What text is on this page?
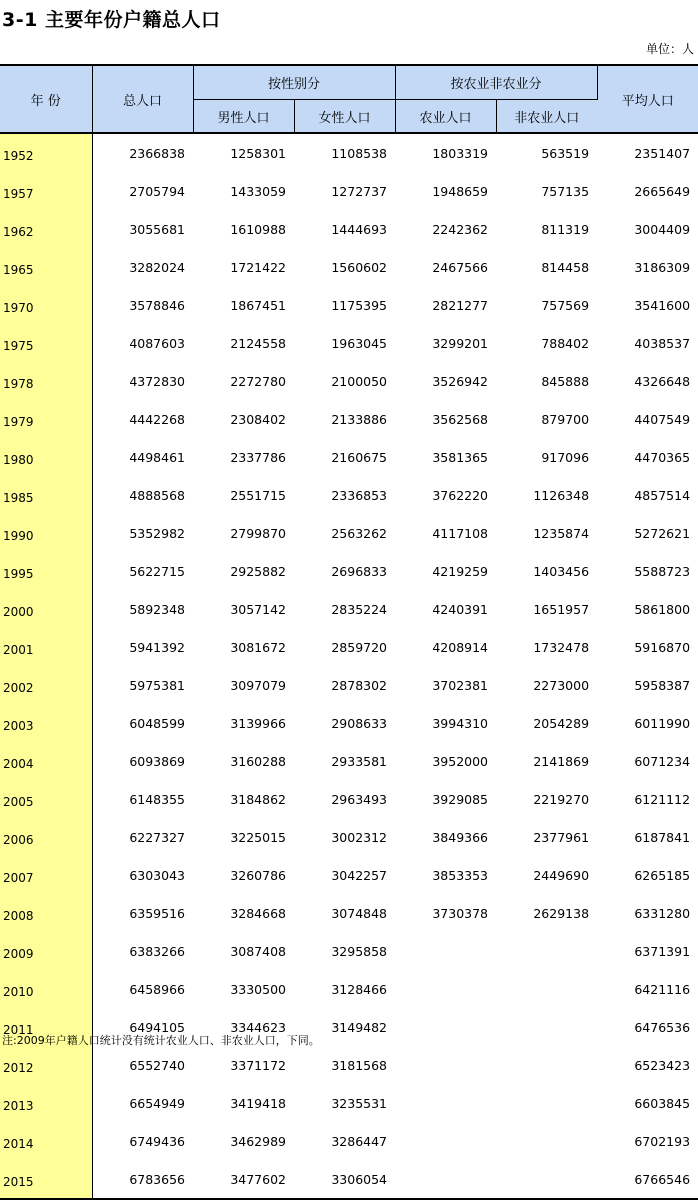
3-1 主要年份户籍总人口
单位：人
年 份	总人口	按性别分		按农业非农业分		平均人口
		男性人口	女性人口	农业人口	非农业人口	
1952	2366838	1258301	1108538	1803319	563519	2351407
1957	2705794	1433059	1272737	1948659	757135	2665649
1962	3055681	1610988	1444693	2242362	811319	3004409
1965	3282024	1721422	1560602	2467566	814458	3186309
1970	3578846	1867451	1175395	2821277	757569	3541600
1975	4087603	2124558	1963045	3299201	788402	4038537
1978	4372830	2272780	2100050	3526942	845888	4326648
1979	4442268	2308402	2133886	3562568	879700	4407549
1980	4498461	2337786	2160675	3581365	917096	4470365
1985	4888568	2551715	2336853	3762220	1126348	4857514
1990	5352982	2799870	2563262	4117108	1235874	5272621
1995	5622715	2925882	2696833	4219259	1403456	5588723
2000	5892348	3057142	2835224	4240391	1651957	5861800
2001	5941392	3081672	2859720	4208914	1732478	5916870
2002	5975381	3097079	2878302	3702381	2273000	5958387
2003	6048599	3139966	2908633	3994310	2054289	6011990
2004	6093869	3160288	2933581	3952000	2141869	6071234
2005	6148355	3184862	2963493	3929085	2219270	6121112
2006	6227327	3225015	3002312	3849366	2377961	6187841
2007	6303043	3260786	3042257	3853353	2449690	6265185
2008	6359516	3284668	3074848	3730378	2629138	6331280
2009	6383266	3087408	3295858			6371391
2010	6458966	3330500	3128466			6421116
2011	6494105	3344623	3149482			6476536
2012	6552740	3371172	3181568			6523423
2013	6654949	3419418	3235531			6603845
2014	6749436	3462989	3286447			6702193
2015	6783656	3477602	3306054			6766546
注:2009年户籍人口统计没有统计农业人口、非农业人口，下同。
